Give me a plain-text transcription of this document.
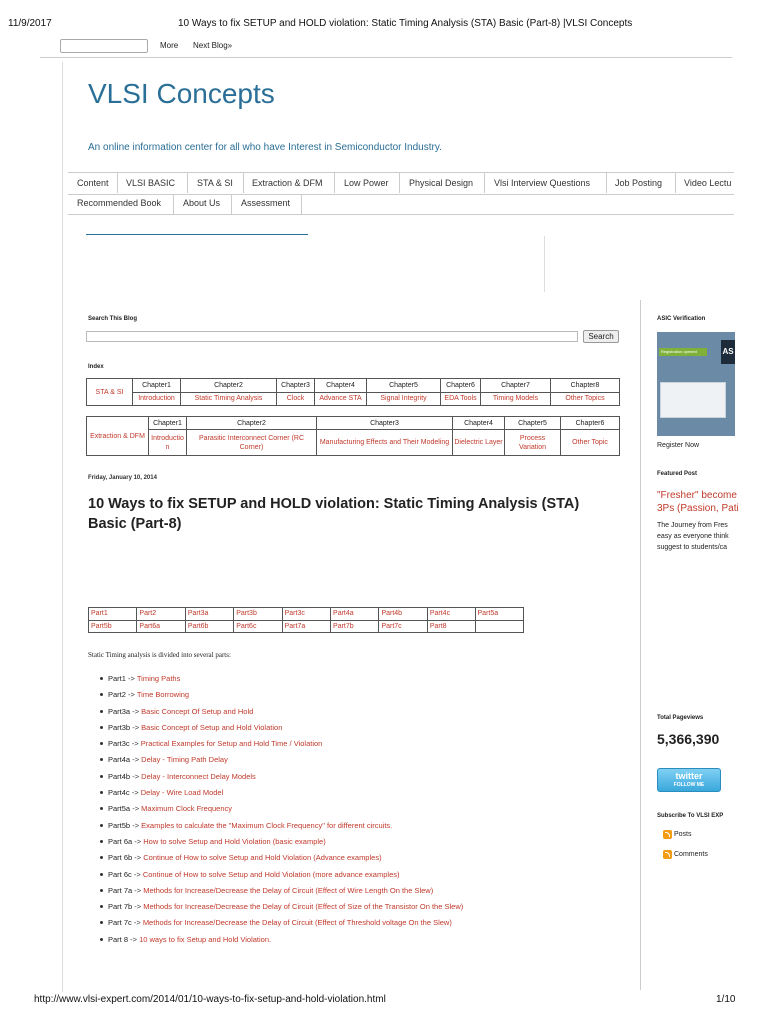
11/9/2017	10 Ways to fix SETUP and HOLD violation: Static Timing Analysis (STA) Basic (Part-8) |VLSI Concepts
More Next Blog»
VLSI Concepts
An online information center for all who have Interest in Semiconductor Industry.
Content VLSI BASIC STA & SI Extraction & DFM Low Power Physical Design Vlsi Interview Questions	Job Posting Video Lectu
Recommended Book About Us Assessment
Search This Blog
Search
Index
STA & SI	Chapter1	Chapter2	Chapter3	Chapter4	Chapter5	Chapter6	Chapter7	Chapter8
	Introduction	Static Timing Analysis	Clock	Advance STA	Signal Integrity	EDA Tools	Timing Models	Other Topics
Extraction & DFM	Chapter1	Chapter2	Chapter3	Chapter4	Chapter5	Chapter6
	Introductio n	Parasitic Interconnect Corner (RC Corner)	Manufacturing Effects and Their Modeling	Dielectric Layer	Process Variation	Other Topic
Friday, January 10, 2014
10 Ways to fix SETUP and HOLD violation: Static Timing Analysis (STA) Basic (Part-8)
Part1	Part2	Part3a	Part3b	Part3c	Part4a	Part4b	Part4c	Part5a
Part5b	Part6a	Part6b	Part6c	Part7a	Part7b	Part7c	Part8	
Static Timing analysis is divided into several parts:
Part1 -> Timing Paths
Part2 -> Time Borrowing
Part3a -> Basic Concept Of Setup and Hold
Part3b -> Basic Concept of Setup and Hold Violation
Part3c -> Practical Examples for Setup and Hold Time / Violation
Part4a -> Delay - Timing Path Delay
Part4b -> Delay - Interconnect Delay Models
Part4c -> Delay - Wire Load Model
Part5a -> Maximum Clock Frequency
Part5b -> Examples to calculate the "Maximum Clock Frequency" for different circuits.
Part 6a -> How to solve Setup and Hold Violation (basic example)
Part 6b -> Continue of How to solve Setup and Hold Violation (Advance examples)
Part 6c -> Continue of How to solve Setup and Hold Violation (more advance examples)
Part 7a -> Methods for Increase/Decrease the Delay of Circuit (Effect of Wire Length On the Slew)
Part 7b -> Methods for Increase/Decrease the Delay of Circuit (Effect of Size of the Transistor On the Slew)
Part 7c -> Methods for Increase/Decrease the Delay of Circuit (Effect of Threshold voltage On the Slew)
Part 8 -> 10 ways to fix Setup and Hold Violation.
ASIC Verification
Registration opened	AS
Register Now
Featured Post
"Fresher" become
3Ps (Passion, Pati
The Journey from Fres
easy as everyone think
suggest to students/ca
Total Pageviews
5,366,390
twitter
FOLLOW ME
Subscribe To VLSI EXP
Posts
Comments
http://www.vlsi-expert.com/2014/01/10-ways-to-fix-setup-and-hold-violation.html	1/10
